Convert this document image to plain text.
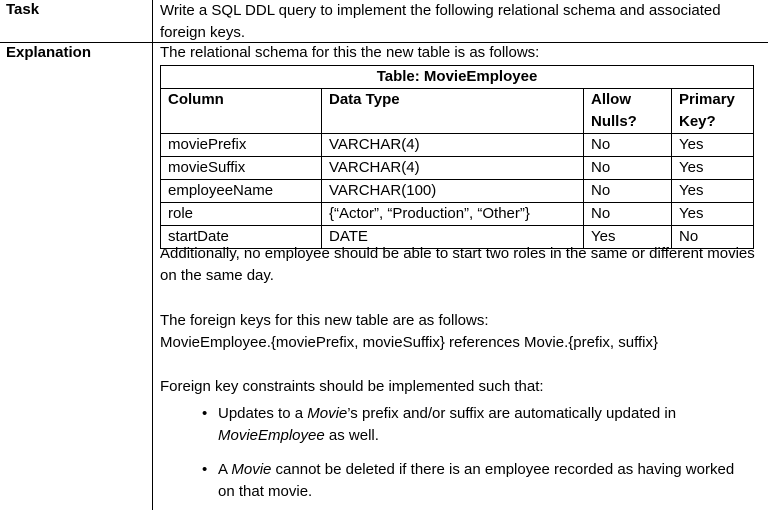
Task	Write a SQL DDL query to implement the following relational schema and associated foreign keys.
Explanation	The relational schema for this the new table is as follows:
Table: MovieEmployee
Column	Data Type	Allow Nulls?	Primary Key?
moviePrefix	VARCHAR(4)	No	Yes
movieSuffix	VARCHAR(4)	No	Yes
employeeName	VARCHAR(100)	No	Yes
role	{“Actor”, “Production”, “Other”}	No	Yes
startDate	DATE	Yes	No
Additionally, no employee should be able to start two roles in the same or different movies on the same day.
The foreign keys for this new table are as follows:
MovieEmployee.{moviePrefix, movieSuffix} references Movie.{prefix, suffix}
Foreign key constraints should be implemented such that:
• Updates to a Movie’s prefix and/or suffix are automatically updated in MovieEmployee as well.
• A Movie cannot be deleted if there is an employee recorded as having worked on that movie.
